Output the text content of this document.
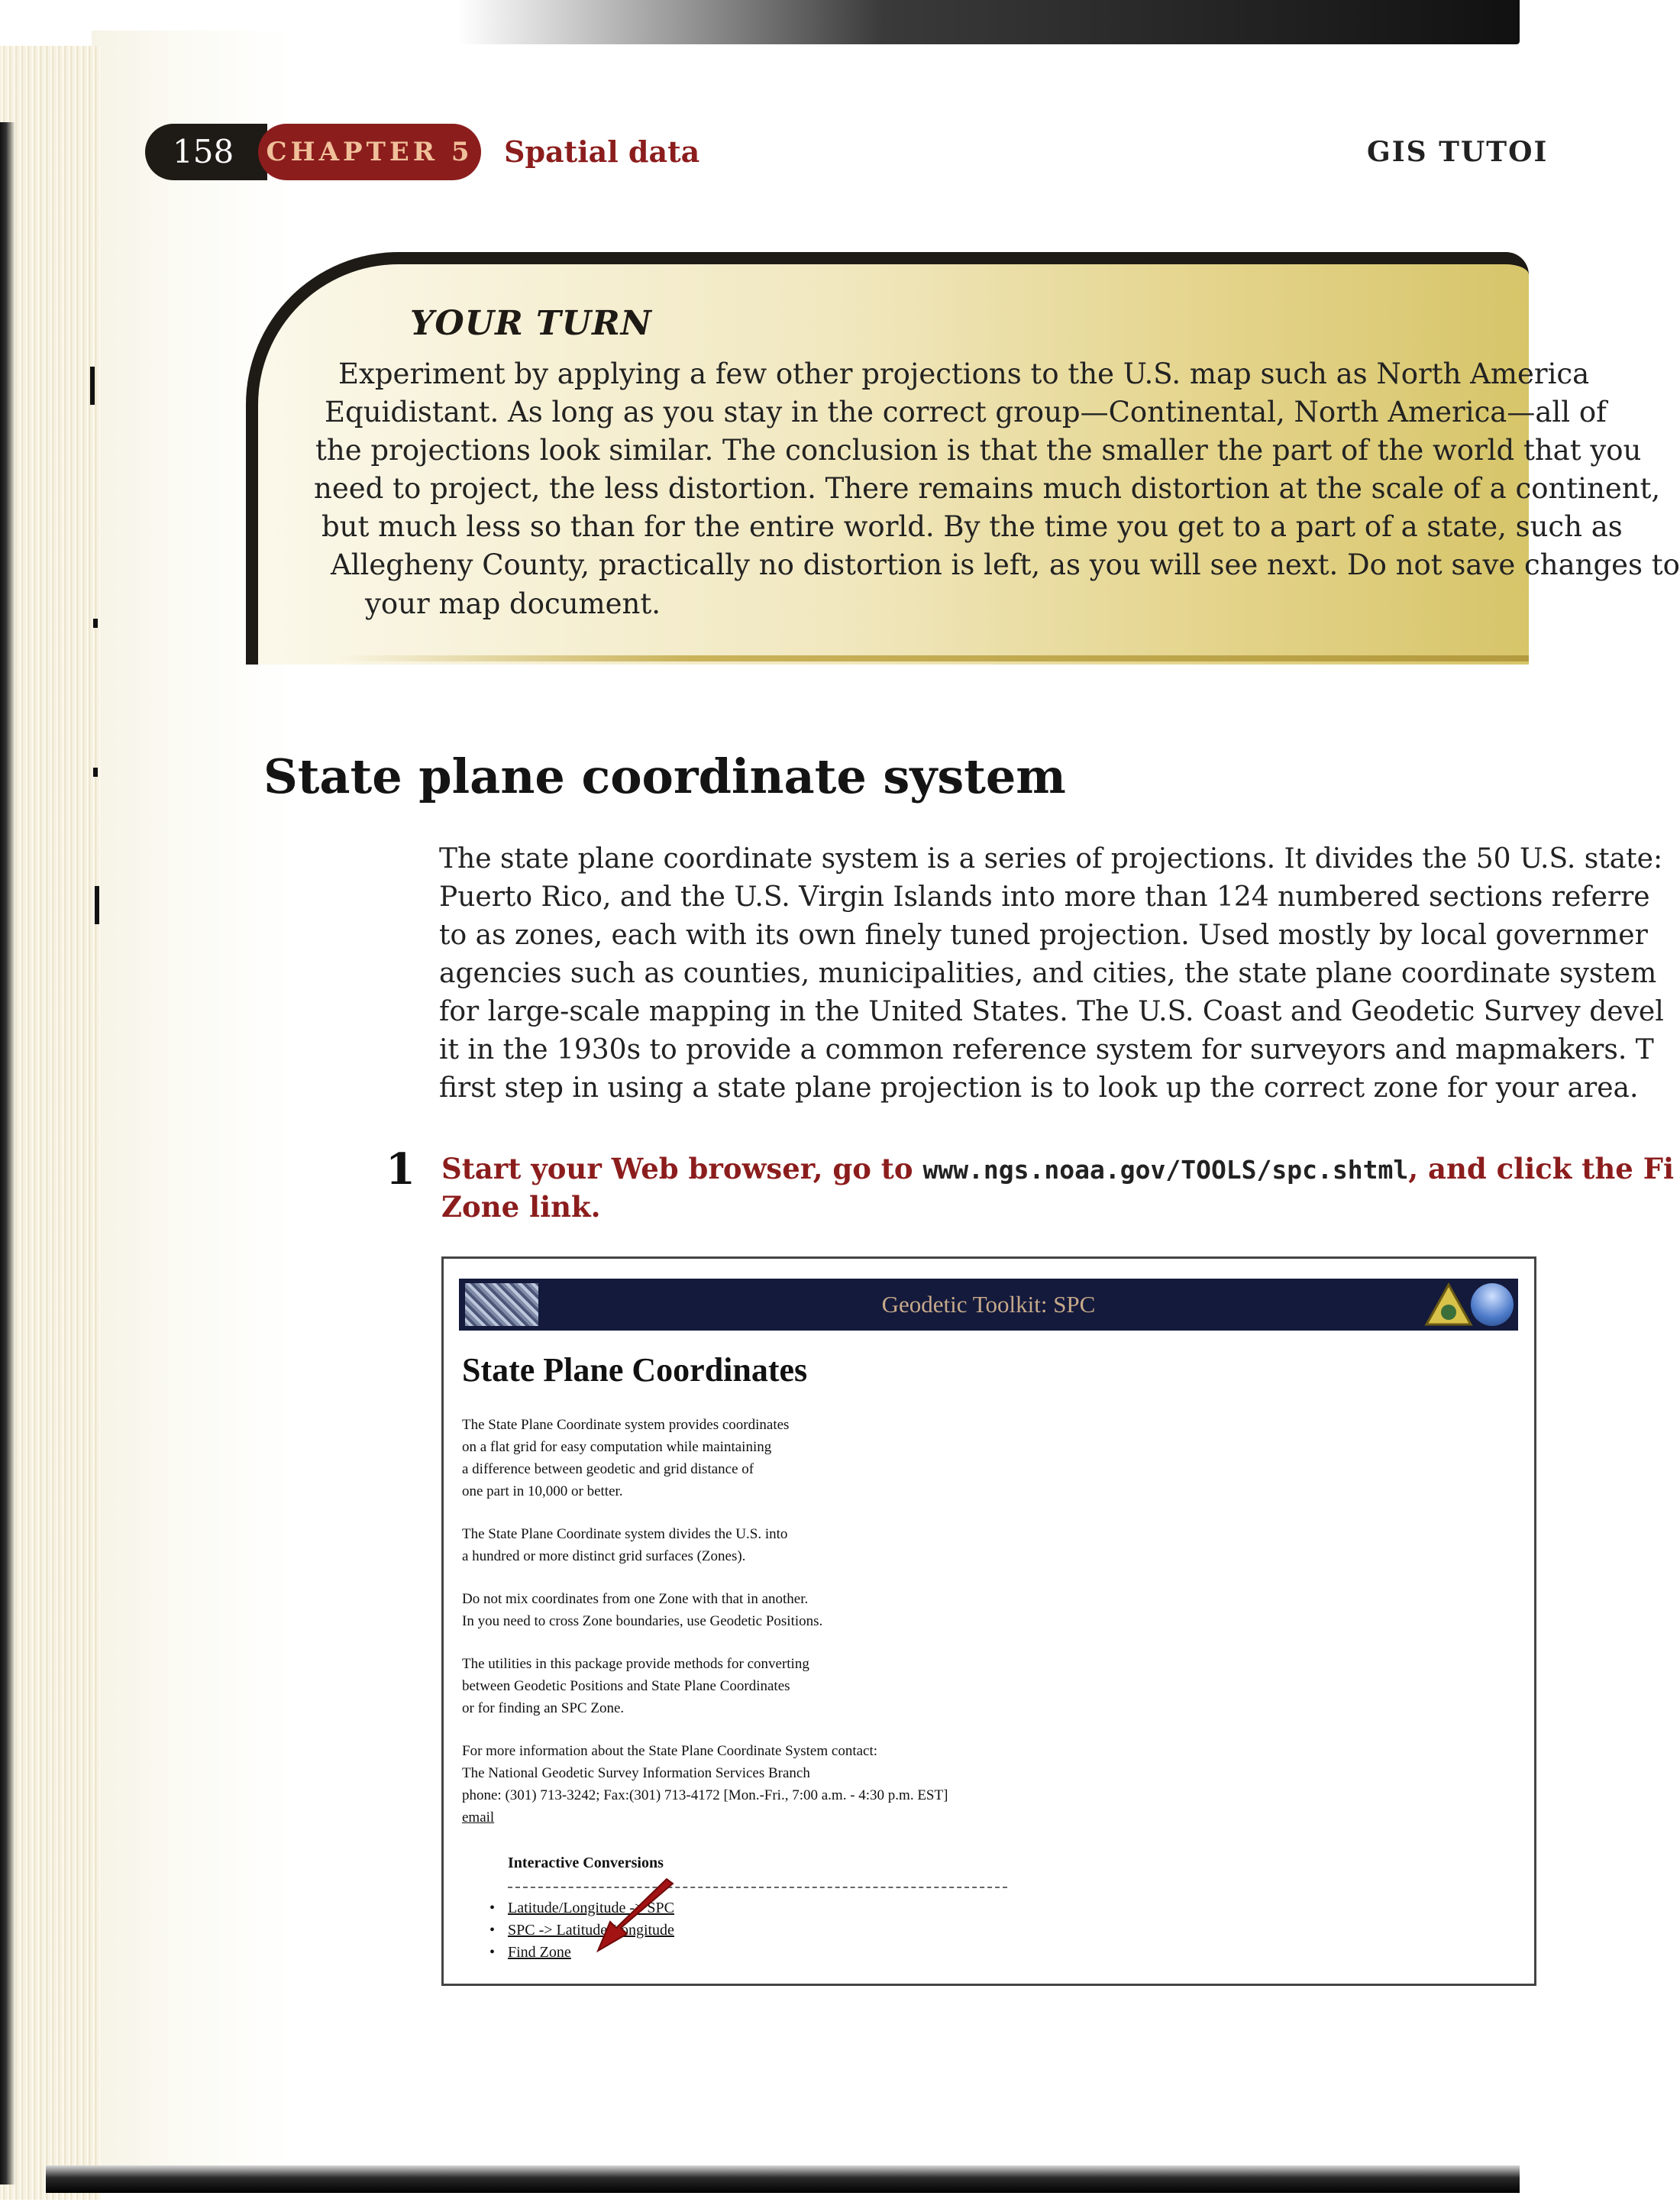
158	CHAPTER 5 Spatial data	GIS TUTOI
YOUR TURN
Experiment by applying a few other projections to the U.S. map such as North America
Equidistant. As long as you stay in the correct group—Continental, North America—all of
the projections look similar. The conclusion is that the smaller the part of the world that you
need to project, the less distortion. There remains much distortion at the scale of a continent,
but much less so than for the entire world. By the time you get to a part of a state, such as
Allegheny County, practically no distortion is left, as you will see next. Do not save changes to
your map document.
State plane coordinate system
The state plane coordinate system is a series of projections. It divides the 50 U.S. state:
Puerto Rico, and the U.S. Virgin Islands into more than 124 numbered sections referre
to as zones, each with its own finely tuned projection. Used mostly by local governmer
agencies such as counties, municipalities, and cities, the state plane coordinate system
for large-scale mapping in the United States. The U.S. Coast and Geodetic Survey devel
it in the 1930s to provide a common reference system for surveyors and mapmakers. T
first step in using a state plane projection is to look up the correct zone for your area.
1 Start your Web browser, go to www.ngs.noaa.gov/TOOLS/spc.shtml, and click the Fi
Zone link.
Geodetic Toolkit: SPC
State Plane Coordinates
The State Plane Coordinate system provides coordinates
on a flat grid for easy computation while maintaining
a difference between geodetic and grid distance of
one part in 10,000 or better.
The State Plane Coordinate system divides the U.S. into
a hundred or more distinct grid surfaces (Zones).
Do not mix coordinates from one Zone with that in another.
In you need to cross Zone boundaries, use Geodetic Positions.
The utilities in this package provide methods for converting
between Geodetic Positions and State Plane Coordinates
or for finding an SPC Zone.
For more information about the State Plane Coordinate System contact:
The National Geodetic Survey Information Services Branch
phone: (301) 713-3242; Fax:(301) 713-4172 [Mon.-Fri., 7:00 a.m. - 4:30 p.m. EST]
email
Interactive Conversions
• Latitude/Longitude -> SPC
• SPC -> Latitude/Longitude
• Find Zone
